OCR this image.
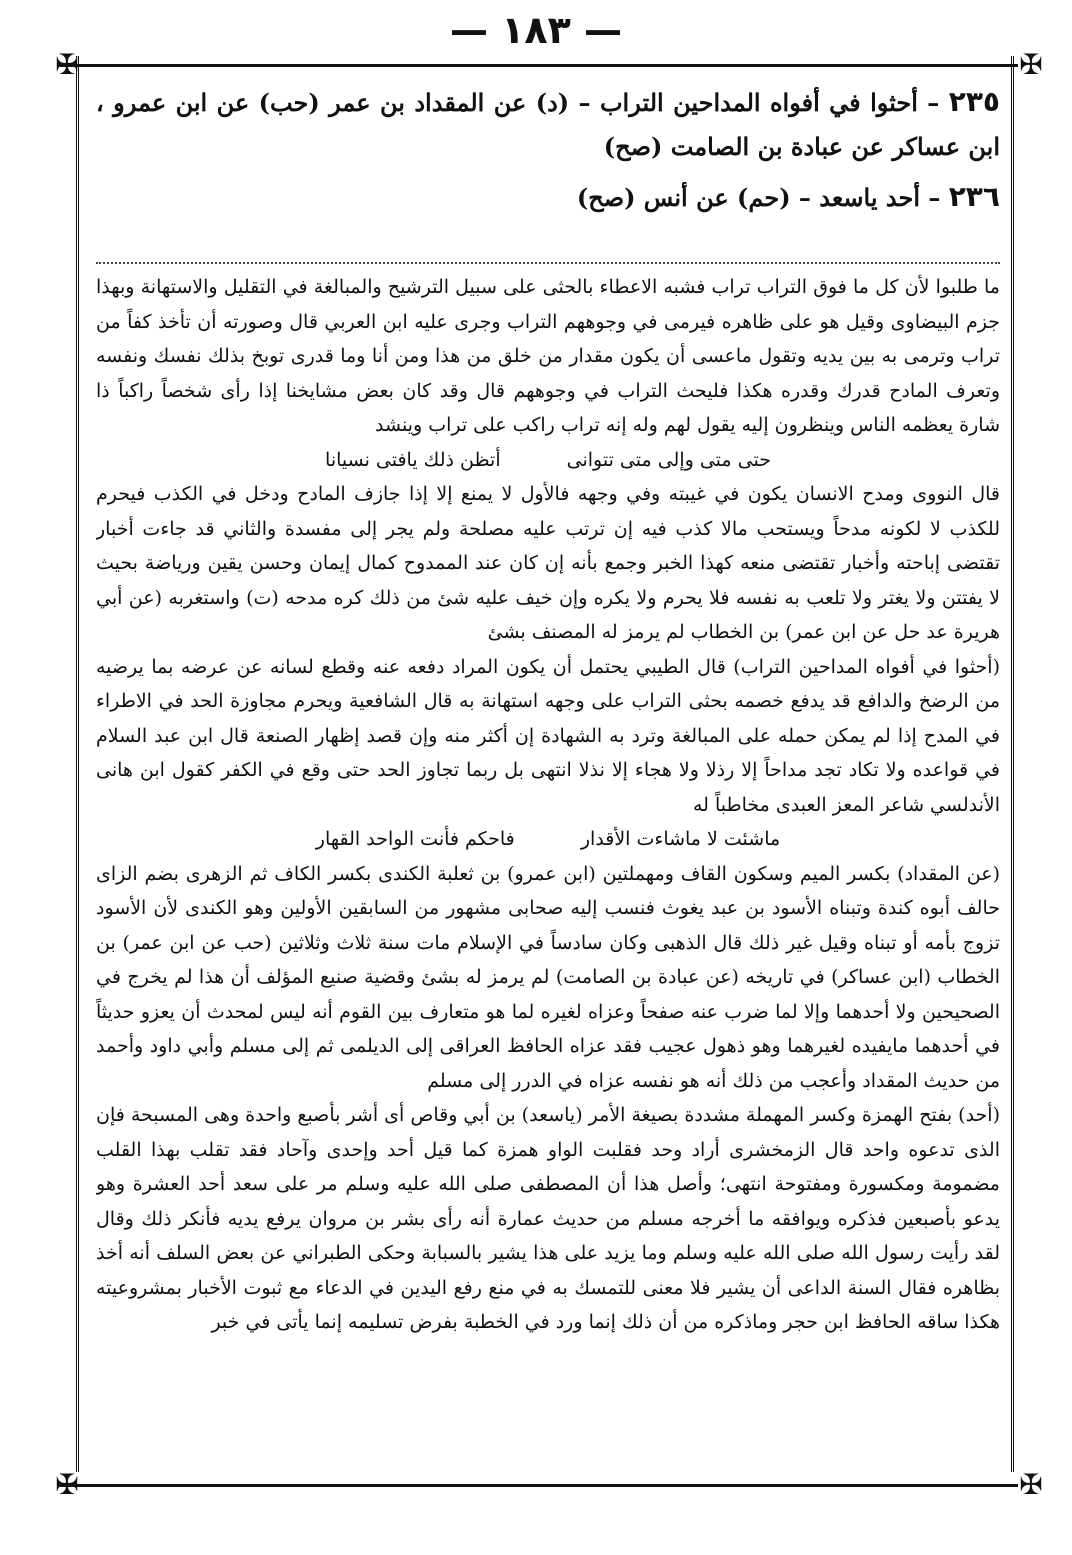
— ١٨٣ —
✠	✠
✠	✠

٢٣٥ – أحثوا في أفواه المداحين التراب – (د) عن المقداد بن عمر (حب) عن ابن عمرو ، ابن عساكر عن عبادة بن الصامت (صح)

٢٣٦ – أحد ياسعد – (حم) عن أنس (صح)

ما طلبوا لأن كل ما فوق التراب تراب فشبه الاعطاء بالحثى على سبيل الترشيح والمبالغة في التقليل والاستهانة وبهذا جزم البيضاوى وقيل هو على ظاهره فيرمى في وجوههم التراب وجرى عليه ابن العربي قال وصورته أن تأخذ كفاً من تراب وترمى به بين يديه وتقول ماعسى أن يكون مقدار من خلق من هذا ومن أنا وما قدرى توبخ بذلك نفسك ونفسه وتعرف المادح قدرك وقدره هكذا فليحث التراب في وجوههم قال وقد كان بعض مشايخنا إذا رأى شخصاً راكباً ذا شارة يعظمه الناس وينظرون إليه يقول لهم وله إنه تراب راكب على تراب وينشد

حتى متى وإلى متى تتوانى أتظن ذلك يافتى نسيانا

قال النووى ومدح الانسان يكون في غيبته وفي وجهه فالأول لا يمنع إلا إذا جازف المادح ودخل في الكذب فيحرم للكذب لا لكونه مدحاً ويستحب مالا كذب فيه إن ترتب عليه مصلحة ولم يجر إلى مفسدة والثاني قد جاءت أخبار تقتضى إباحته وأخبار تقتضى منعه كهذا الخبر وجمع بأنه إن كان عند الممدوح كمال إيمان وحسن يقين ورياضة بحيث لا يفتتن ولا يغتر ولا تلعب به نفسه فلا يحرم ولا يكره وإن خيف عليه شئ من ذلك كره مدحه (ت) واستغربه (عن أبي هريرة عد حل عن ابن عمر) بن الخطاب لم يرمز له المصنف بشئ

(أحثوا في أفواه المداحين التراب) قال الطيبي يحتمل أن يكون المراد دفعه عنه وقطع لسانه عن عرضه بما يرضيه من الرضخ والدافع قد يدفع خصمه بحثى التراب على وجهه استهانة به قال الشافعية ويحرم مجاوزة الحد في الاطراء في المدح إذا لم يمكن حمله على المبالغة وترد به الشهادة إن أكثر منه وإن قصد إظهار الصنعة قال ابن عبد السلام في قواعده ولا تكاد تجد مداحاً إلا رذلا ولا هجاء إلا نذلا انتهى بل ربما تجاوز الحد حتى وقع في الكفر كقول ابن هانى الأندلسي شاعر المعز العبدى مخاطباً له

ماشئت لا ماشاءت الأقدار فاحكم فأنت الواحد القهار

(عن المقداد) بكسر الميم وسكون القاف ومهملتين (ابن عمرو) بن ثعلبة الكندى بكسر الكاف ثم الزهرى بضم الزاى حالف أبوه كندة وتبناه الأسود بن عبد يغوث فنسب إليه صحابى مشهور من السابقين الأولين وهو الكندى لأن الأسود تزوج بأمه أو تبناه وقيل غير ذلك قال الذهبى وكان سادساً في الإسلام مات سنة ثلاث وثلاثين (حب عن ابن عمر) بن الخطاب (ابن عساكر) في تاريخه (عن عبادة بن الصامت) لم يرمز له بشئ وقضية صنيع المؤلف أن هذا لم يخرج في الصحيحين ولا أحدهما وإلا لما ضرب عنه صفحاً وعزاه لغيره لما هو متعارف بين القوم أنه ليس لمحدث أن يعزو حديثاً في أحدهما مايفيده لغيرهما وهو ذهول عجيب فقد عزاه الحافظ العراقى إلى الديلمى ثم إلى مسلم وأبي داود وأحمد من حديث المقداد وأعجب من ذلك أنه هو نفسه عزاه في الدرر إلى مسلم

(أحد) بفتح الهمزة وكسر المهملة مشددة بصيغة الأمر (ياسعد) بن أبي وقاص أى أشر بأصبع واحدة وهى المسبحة فإن الذى تدعوه واحد قال الزمخشرى أراد وحد فقلبت الواو همزة كما قيل أحد وإحدى وآحاد فقد تقلب بهذا القلب مضمومة ومكسورة ومفتوحة انتهى؛ وأصل هذا أن المصطفى صلى الله عليه وسلم مر على سعد أحد العشرة وهو يدعو بأصبعين فذكره ويوافقه ما أخرجه مسلم من حديث عمارة أنه رأى بشر بن مروان يرفع يديه فأنكر ذلك وقال لقد رأيت رسول الله صلى الله عليه وسلم وما يزيد على هذا يشير بالسبابة وحكى الطبراني عن بعض السلف أنه أخذ بظاهره فقال السنة الداعى أن يشير فلا معنى للتمسك به في منع رفع اليدين في الدعاء مع ثبوت الأخبار بمشروعيته هكذا ساقه الحافظ ابن حجر وماذكره من أن ذلك إنما ورد في الخطبة بفرض تسليمه إنما يأتى في خبر
